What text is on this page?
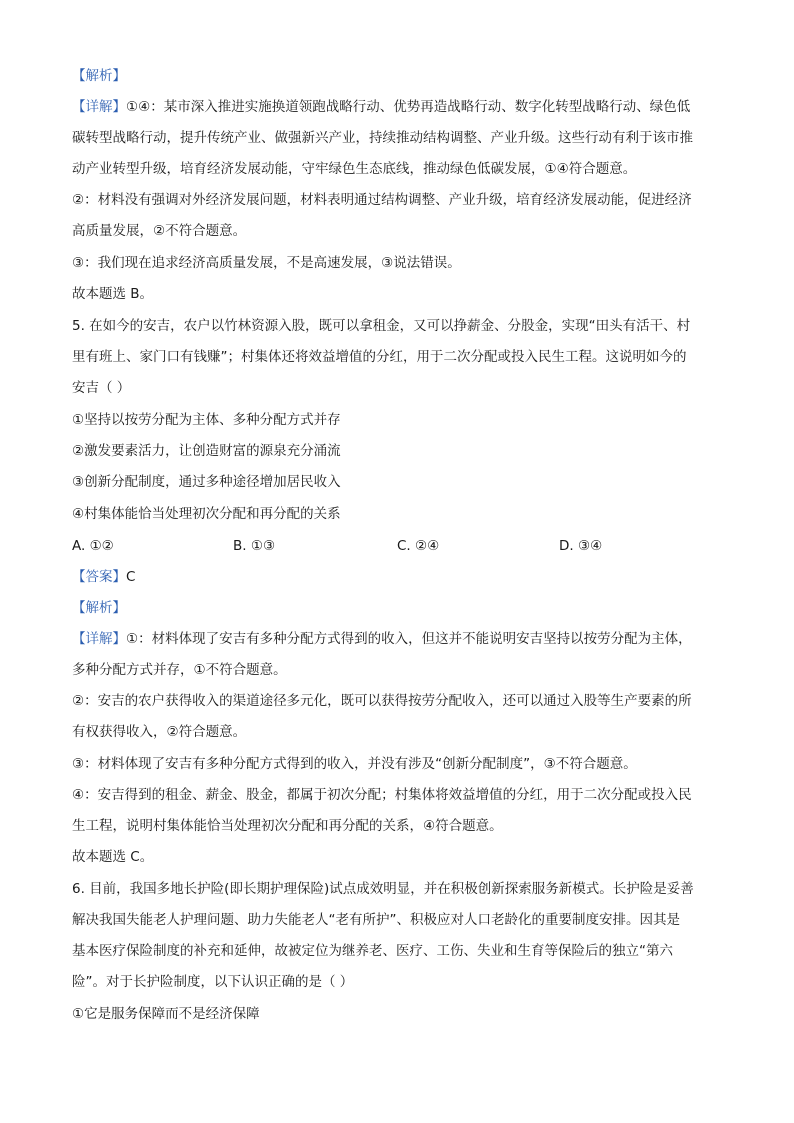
【解析】
【详解】①④：某市深入推进实施换道领跑战略行动、优势再造战略行动、数字化转型战略行动、绿色低
碳转型战略行动，提升传统产业、做强新兴产业，持续推动结构调整、产业升级。这些行动有利于该市推
动产业转型升级，培育经济发展动能，守牢绿色生态底线，推动绿色低碳发展，①④符合题意。
②：材料没有强调对外经济发展问题，材料表明通过结构调整、产业升级，培育经济发展动能，促进经济
高质量发展，②不符合题意。
③：我们现在追求经济高质量发展，不是高速发展，③说法错误。
故本题选 B。
5. 在如今的安吉，农户以竹林资源入股，既可以拿租金，又可以挣薪金、分股金，实现“田头有活干、村
里有班上、家门口有钱赚”；村集体还将效益增值的分红，用于二次分配或投入民生工程。这说明如今的
安吉（ ）
①坚持以按劳分配为主体、多种分配方式并存
②激发要素活力，让创造财富的源泉充分涌流
③创新分配制度，通过多种途径增加居民收入
④村集体能恰当处理初次分配和再分配的关系
A. ①②	B. ①③	C. ②④	D. ③④
【答案】C
【解析】
【详解】①：材料体现了安吉有多种分配方式得到的收入，但这并不能说明安吉坚持以按劳分配为主体，
多种分配方式并存，①不符合题意。
②：安吉的农户获得收入的渠道途径多元化，既可以获得按劳分配收入，还可以通过入股等生产要素的所
有权获得收入，②符合题意。
③：材料体现了安吉有多种分配方式得到的收入，并没有涉及“创新分配制度”，③不符合题意。
④：安吉得到的租金、薪金、股金，都属于初次分配；村集体将效益增值的分红，用于二次分配或投入民
生工程，说明村集体能恰当处理初次分配和再分配的关系，④符合题意。
故本题选 C。
6. 目前，我国多地长护险(即长期护理保险)试点成效明显，并在积极创新探索服务新模式。长护险是妥善
解决我国失能老人护理问题、助力失能老人“老有所护”、积极应对人口老龄化的重要制度安排。因其是
基本医疗保险制度的补充和延伸，故被定位为继养老、医疗、工伤、失业和生育等保险后的独立“第六
险”。对于长护险制度，以下认识正确的是（ ）
①它是服务保障而不是经济保障
